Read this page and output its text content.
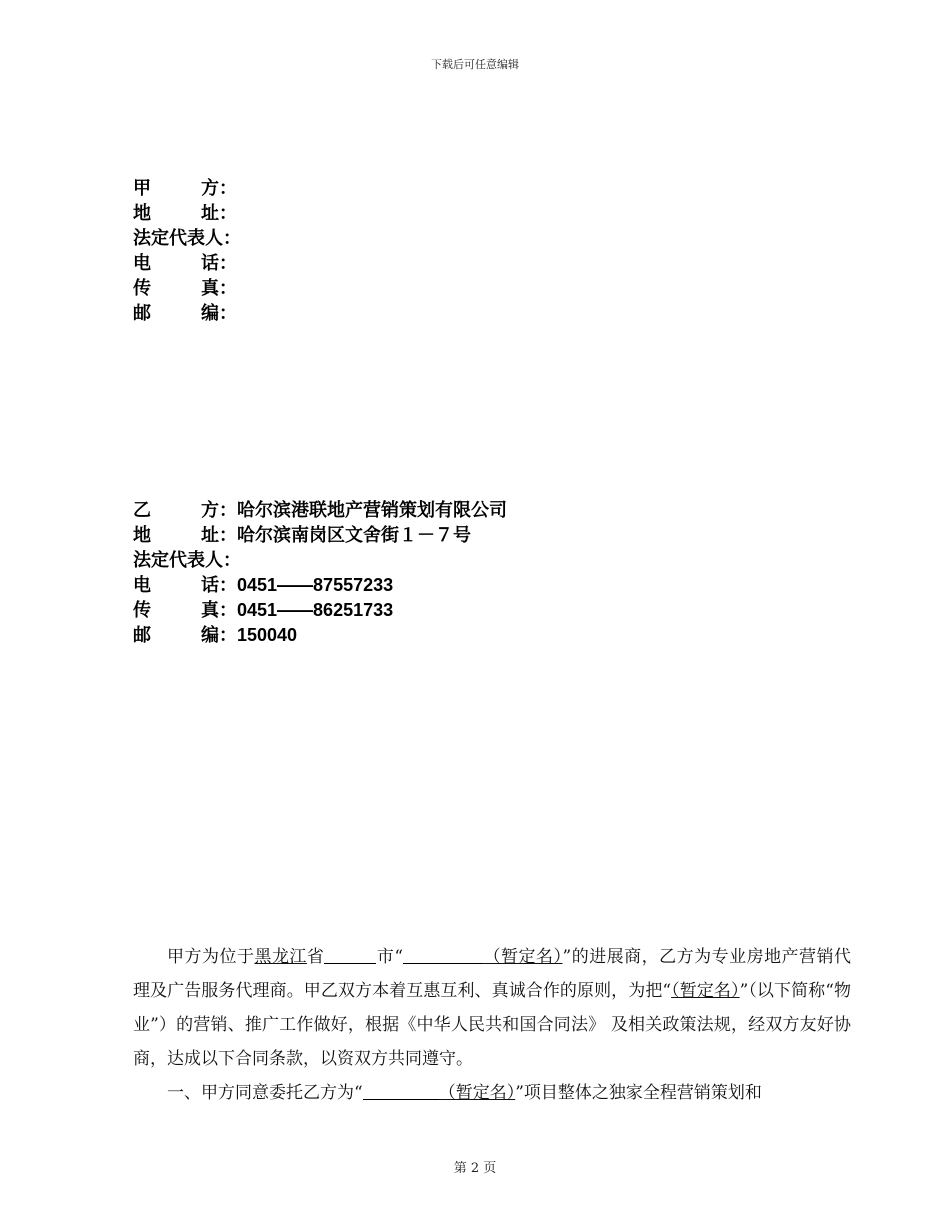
下载后可任意编辑
甲	方 ：
地	址 ：
法定代表人 ：
电	话 ：
传	真 ：
邮	编 ：
乙	方 ： 哈尔滨港联地产营销策划有限公司
地	址 ： 哈尔滨南岗区文舍街１－７号
法定代表人 ：
电	话 ： 0451——87557233
传	真 ： 0451——86251733
邮	编 ： 150040

甲方为位于黑龙江省	市“	（暂定名）”的进展商，乙方为专业房地产营销代理及广告服务代理商。甲乙双方本着互惠互利、真诚合作的原则，为把“（暂定名）”（以下简称“物业”）的营销、推广工作做好，根据《中华人民共和国合同法》 及相关政策法规，经双方友好协商，达成以下合同条款，以资双方共同遵守。

一、甲方同意委托乙方为“	（暂定名）”项目整体之独家全程营销策划和

第 2 页
